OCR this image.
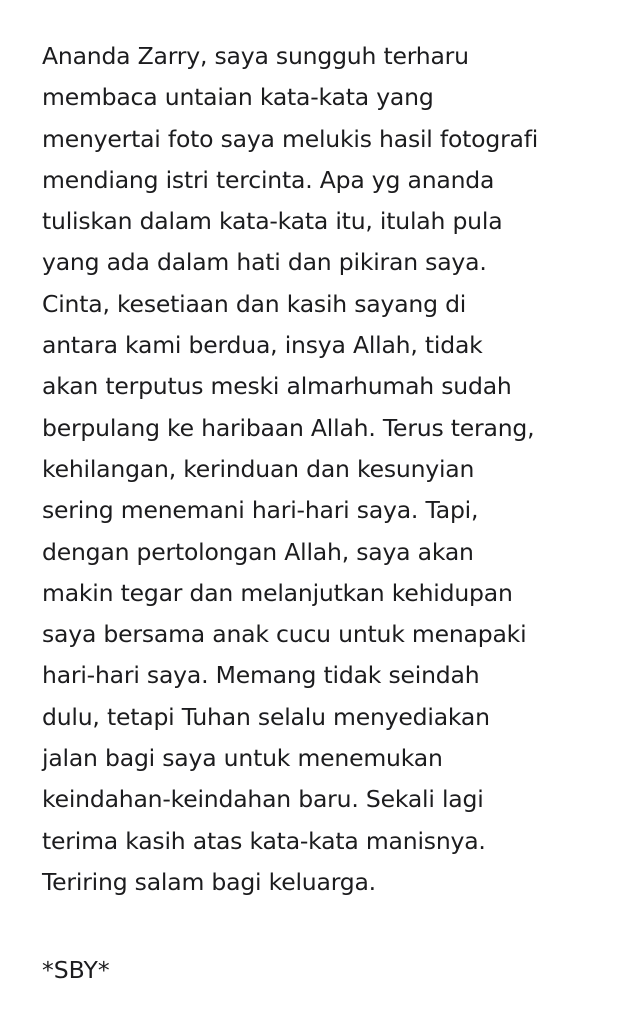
Ananda Zarry, saya sungguh terharu
membaca untaian kata-kata yang
menyertai foto saya melukis hasil fotografi
mendiang istri tercinta. Apa yg ananda
tuliskan dalam kata-kata itu, itulah pula
yang ada dalam hati dan pikiran saya.
Cinta, kesetiaan dan kasih sayang di
antara kami berdua, insya Allah, tidak
akan terputus meski almarhumah sudah
berpulang ke haribaan Allah. Terus terang,
kehilangan, kerinduan dan kesunyian
sering menemani hari-hari saya. Tapi,
dengan pertolongan Allah, saya akan
makin tegar dan melanjutkan kehidupan
saya bersama anak cucu untuk menapaki
hari-hari saya. Memang tidak seindah
dulu, tetapi Tuhan selalu menyediakan
jalan bagi saya untuk menemukan
keindahan-keindahan baru. Sekali lagi
terima kasih atas kata-kata manisnya.
Teriring salam bagi keluarga.
*SBY*
